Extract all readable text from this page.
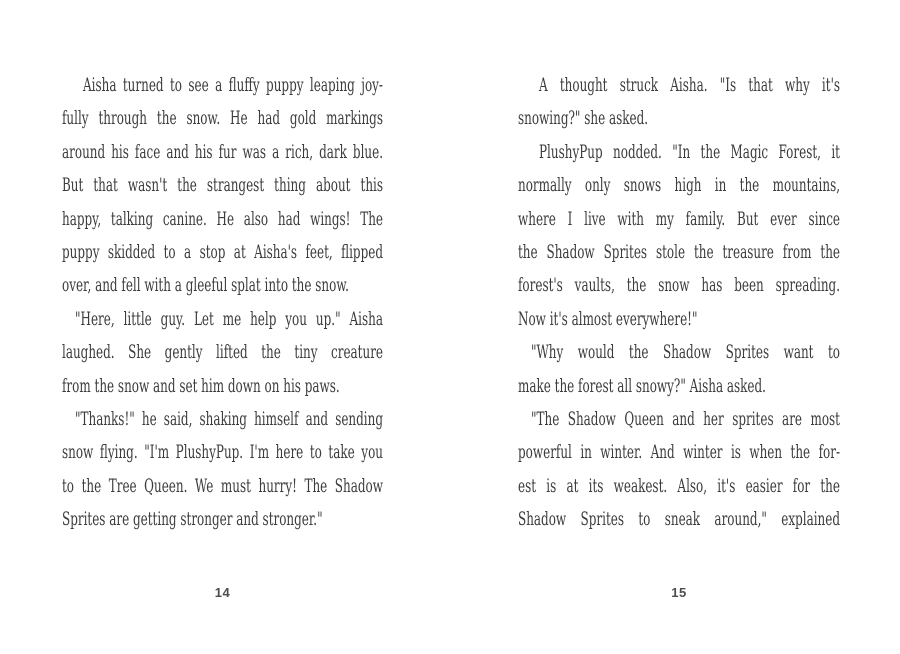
Aisha turned to see a fluffy puppy leaping joy-
fully through the snow. He had gold markings
around his face and his fur was a rich, dark blue.
But that wasn't the strangest thing about this
happy, talking canine. He also had wings! The
puppy skidded to a stop at Aisha's feet, flipped
over, and fell with a gleeful splat into the snow.
"Here, little guy. Let me help you up." Aisha
laughed. She gently lifted the tiny creature
from the snow and set him down on his paws.
"Thanks!" he said, shaking himself and sending
snow flying. "I'm PlushyPup. I'm here to take you
to the Tree Queen. We must hurry! The Shadow
Sprites are getting stronger and stronger."
14
A thought struck Aisha. "Is that why it's
snowing?" she asked.
PlushyPup nodded. "In the Magic Forest, it
normally only snows high in the mountains,
where I live with my family. But ever since
the Shadow Sprites stole the treasure from the
forest's vaults, the snow has been spreading.
Now it's almost everywhere!"
"Why would the Shadow Sprites want to
make the forest all snowy?" Aisha asked.
"The Shadow Queen and her sprites are most
powerful in winter. And winter is when the for-
est is at its weakest. Also, it's easier for the
Shadow Sprites to sneak around," explained
15
